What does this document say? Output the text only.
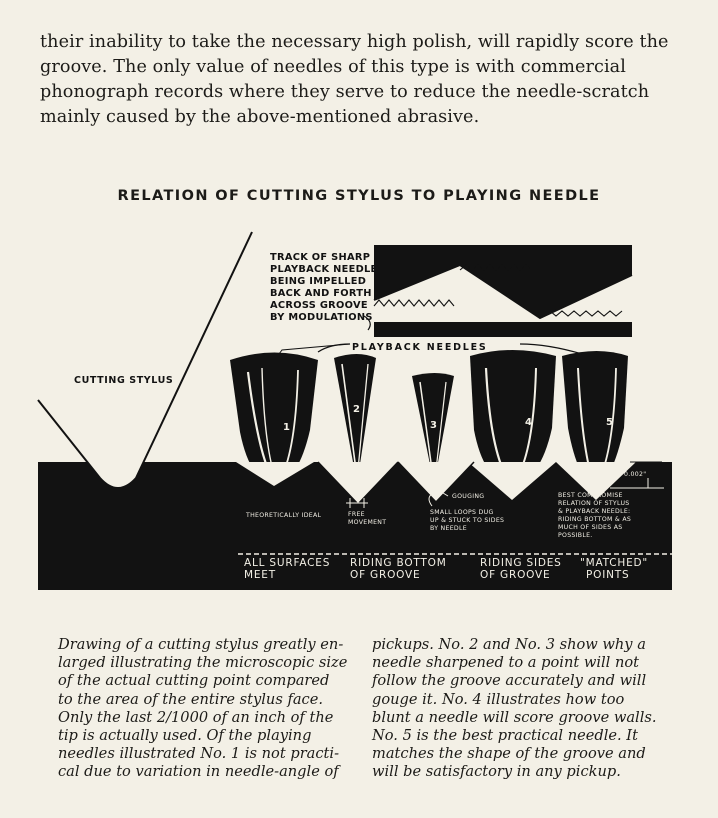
their inability to take the necessary high polish, will rapidly score the
groove. The only value of needles of this type is with commercial
phonograph records where they serve to reduce the needle-scratch
mainly caused by the above-mentioned abrasive.
RELATION OF CUTTING STYLUS TO PLAYING NEEDLE
CUTTING STYLUS
TRACK OF SHARP
PLAYBACK NEEDLE
BEING IMPELLED
BACK AND FORTH
ACROSS GROOVE
BY MODULATIONS
PLAYBACK NEEDLES
1
2
3	4	5
0.002"
THEORETICALLY IDEAL	FREE
MOVEMENT
GOUGING
SMALL LOOPS DUG
UP & STUCK TO SIDES
BY NEEDLE
BEST COMPROMISE
RELATION OF STYLUS
& PLAYBACK NEEDLE:
RIDING BOTTOM & AS
MUCH OF SIDES AS
POSSIBLE.
ALL SURFACES
MEET
RIDING BOTTOM
OF GROOVE
RIDING SIDES
OF GROOVE
"MATCHED"
POINTS
Drawing of a cutting stylus greatly en-
larged illustrating the microscopic size
of the actual cutting point compared
to the area of the entire stylus face.
Only the last 2/1000 of an inch of the
tip is actually used. Of the playing
needles illustrated No. 1 is not practi-
cal due to variation in needle-angle of
pickups. No. 2 and No. 3 show why a
needle sharpened to a point will not
follow the groove accurately and will
gouge it. No. 4 illustrates how too
blunt a needle will score groove walls.
No. 5 is the best practical needle. It
matches the shape of the groove and
will be satisfactory in any pickup.
